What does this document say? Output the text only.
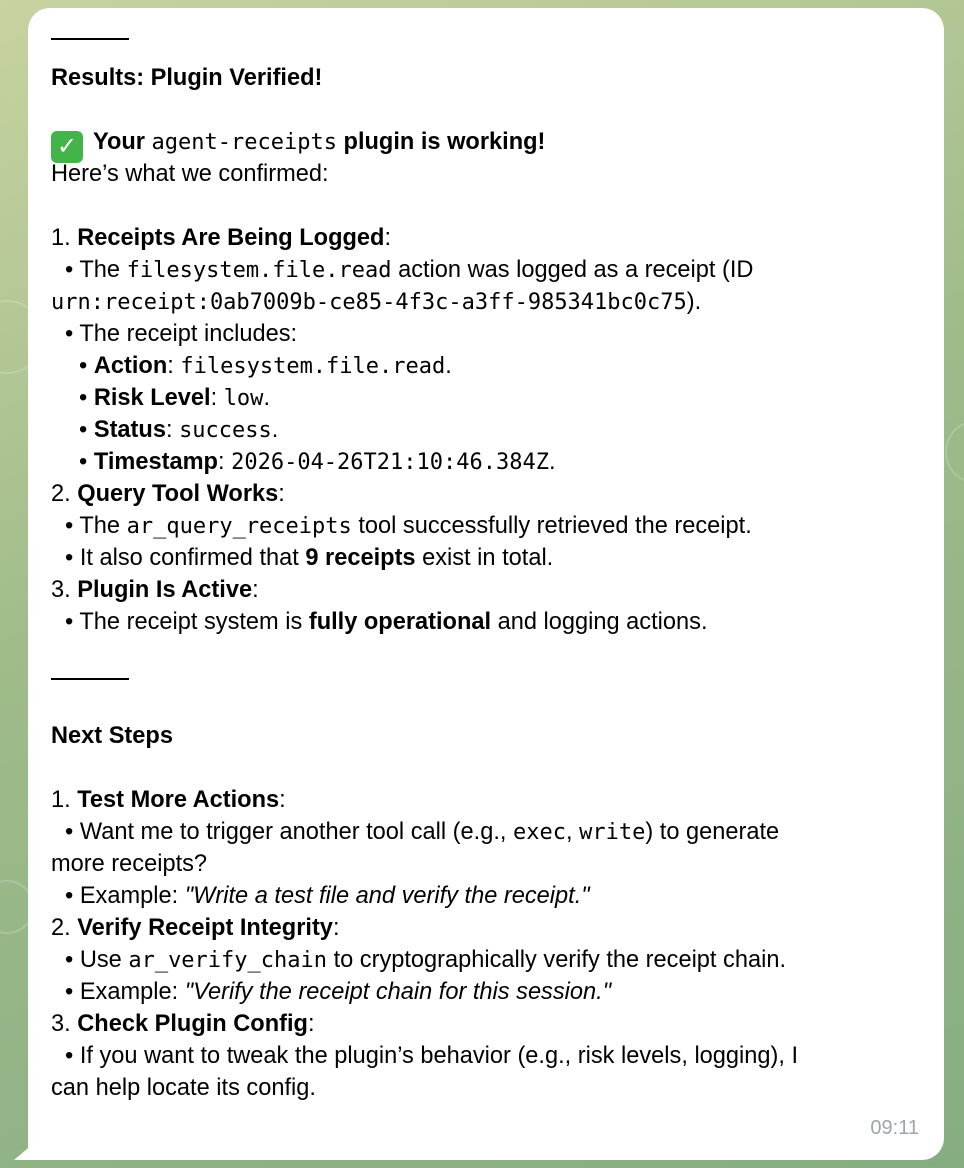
Results: Plugin Verified!
✓ Your agent-receipts plugin is working!
Here’s what we confirmed:
1. Receipts Are Being Logged:
• The filesystem.file.read action was logged as a receipt (ID
urn:receipt:0ab7009b-ce85-4f3c-a3ff-985341bc0c75).
• The receipt includes:
• Action: filesystem.file.read.
• Risk Level: low.
• Status: success.
• Timestamp: 2026-04-26T21:10:46.384Z.
2. Query Tool Works:
• The ar_query_receipts tool successfully retrieved the receipt.
• It also confirmed that 9 receipts exist in total.
3. Plugin Is Active:
• The receipt system is fully operational and logging actions.
Next Steps
1. Test More Actions:
• Want me to trigger another tool call (e.g., exec, write) to generate
more receipts?
• Example: "Write a test file and verify the receipt."
2. Verify Receipt Integrity:
• Use ar_verify_chain to cryptographically verify the receipt chain.
• Example: "Verify the receipt chain for this session."
3. Check Plugin Config:
• If you want to tweak the plugin’s behavior (e.g., risk levels, logging), I
can help locate its config.
09:11
